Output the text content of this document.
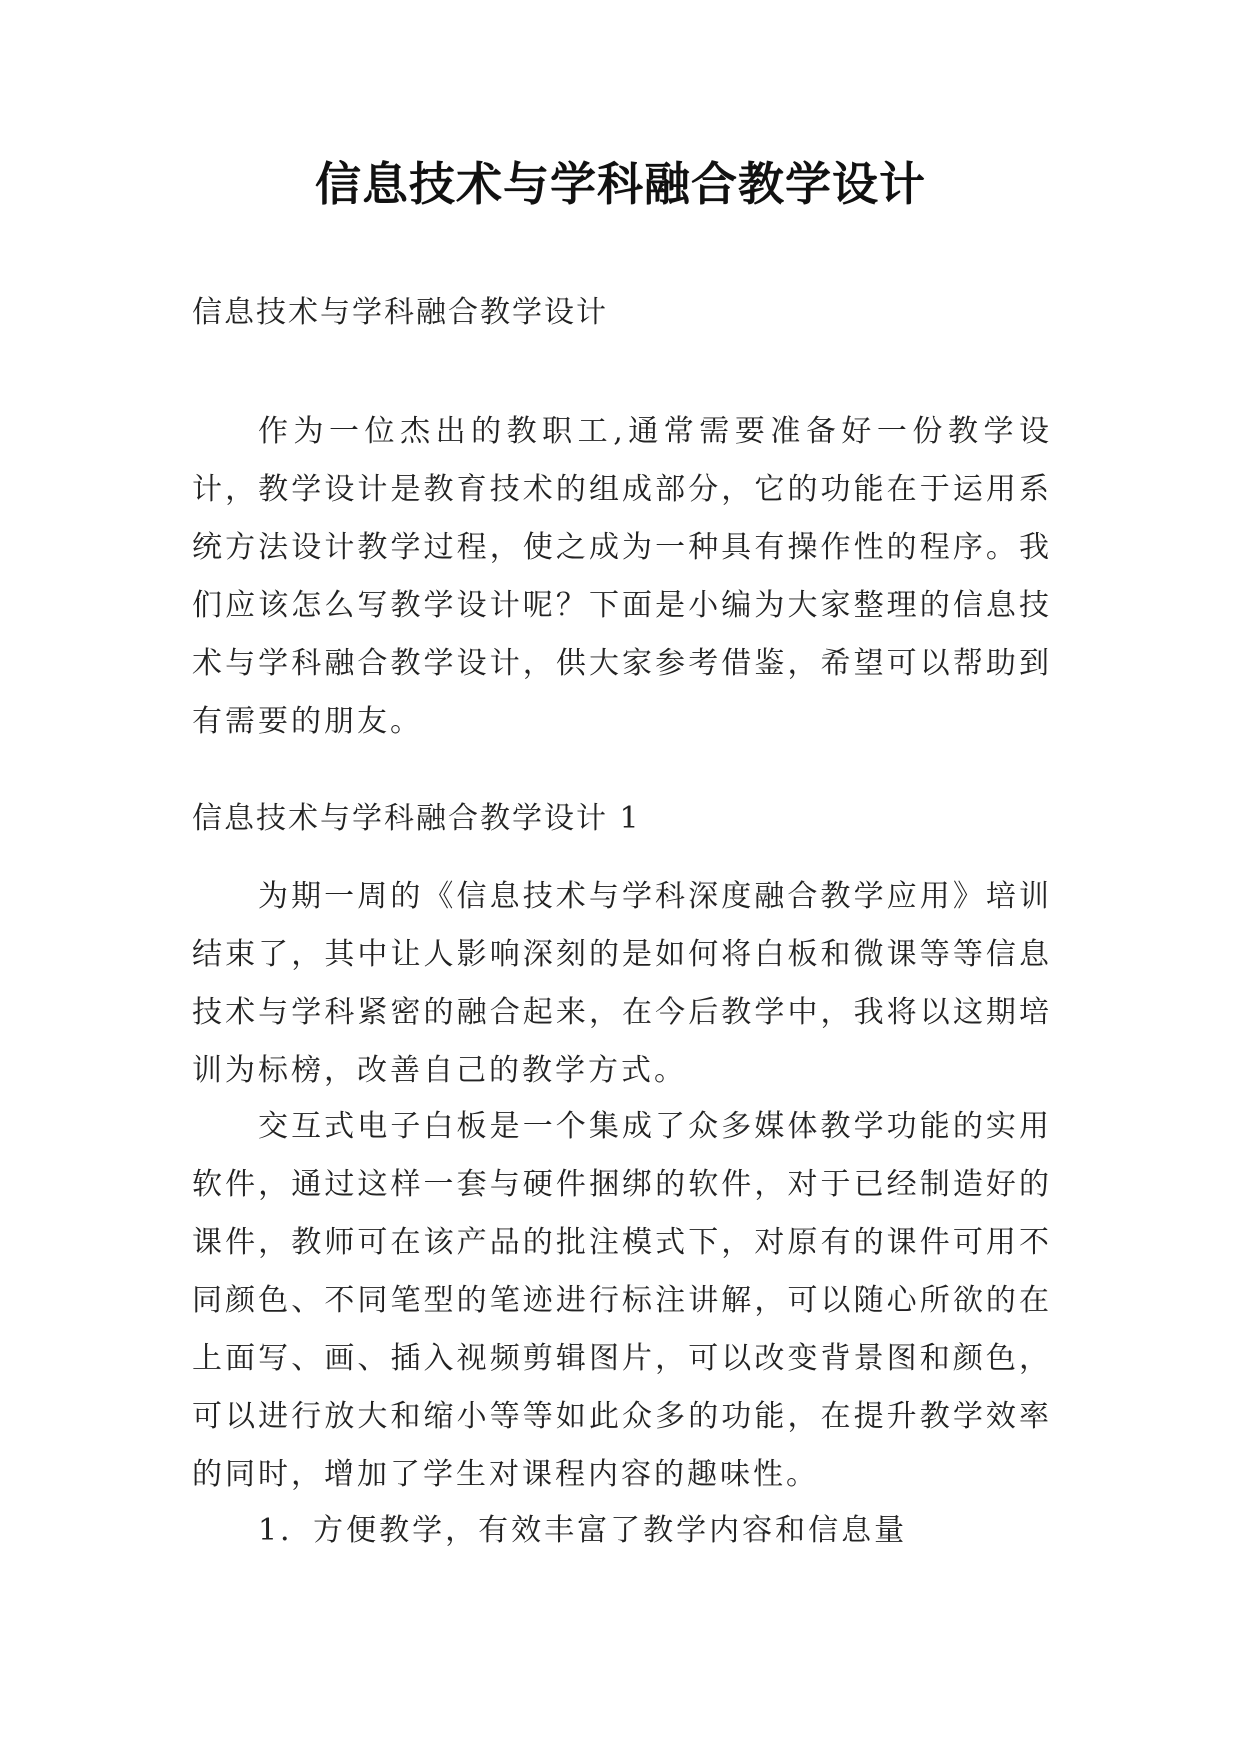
信息技术与学科融合教学设计
信息技术与学科融合教学设计
作为一位杰出的教职工,通常需要准备好一份教学设计，教学设计是教育技术的组成部分，它的功能在于运用系统方法设计教学过程，使之成为一种具有操作性的程序。我们应该怎么写教学设计呢？下面是小编为大家整理的信息技术与学科融合教学设计，供大家参考借鉴，希望可以帮助到有需要的朋友。
信息技术与学科融合教学设计 1
为期一周的《信息技术与学科深度融合教学应用》培训结束了，其中让人影响深刻的是如何将白板和微课等等信息技术与学科紧密的融合起来，在今后教学中，我将以这期培训为标榜，改善自己的教学方式。
交互式电子白板是一个集成了众多媒体教学功能的实用软件，通过这样一套与硬件捆绑的软件，对于已经制造好的课件，教师可在该产品的批注模式下，对原有的课件可用不同颜色、不同笔型的笔迹进行标注讲解，可以随心所欲的在上面写、画、插入视频剪辑图片，可以改变背景图和颜色，可以进行放大和缩小等等如此众多的功能，在提升教学效率的同时，增加了学生对课程内容的趣味性。
1．方便教学，有效丰富了教学内容和信息量
